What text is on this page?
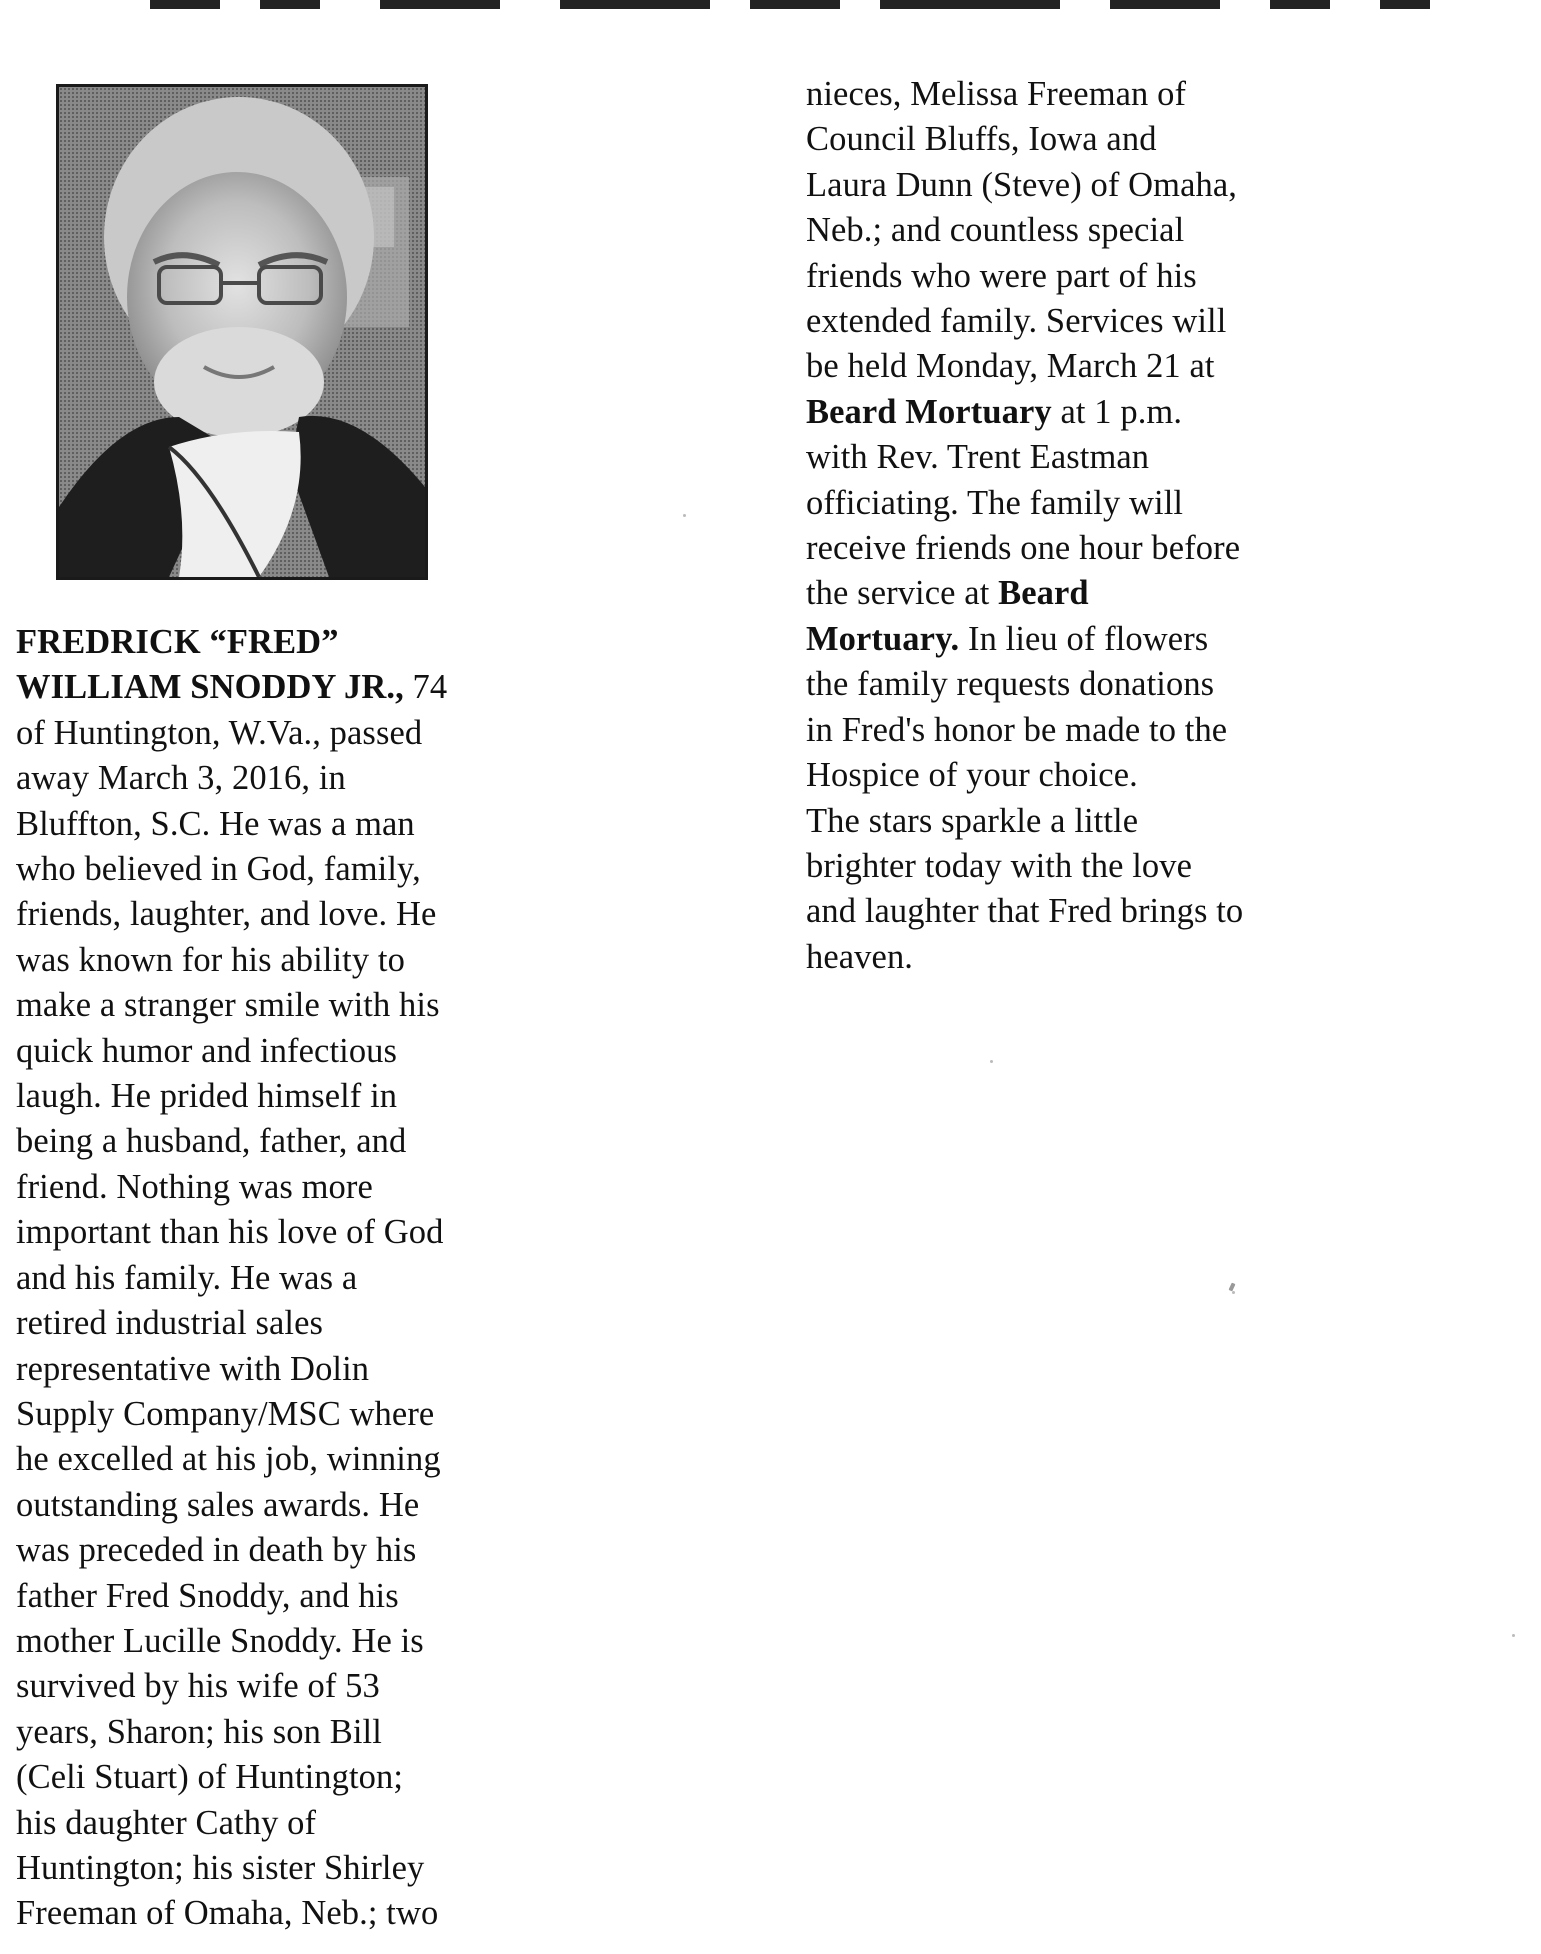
FREDRICK “FRED”
WILLIAM SNODDY JR., 74
of Huntington, W.Va., passed
away March 3, 2016, in
Bluffton, S.C. He was a man
who believed in God, family,
friends, laughter, and love. He
was known for his ability to
make a stranger smile with his
quick humor and infectious
laugh. He prided himself in
being a husband, father, and
friend. Nothing was more
important than his love of God
and his family. He was a
retired industrial sales
representative with Dolin
Supply Company/MSC where
he excelled at his job, winning
outstanding sales awards. He
was preceded in death by his
father Fred Snoddy, and his
mother Lucille Snoddy. He is
survived by his wife of 53
years, Sharon; his son Bill
(Celi Stuart) of Huntington;
his daughter Cathy of
Huntington; his sister Shirley
Freeman of Omaha, Neb.; two
nieces, Melissa Freeman of
Council Bluffs, Iowa and
Laura Dunn (Steve) of Omaha,
Neb.; and countless special
friends who were part of his
extended family. Services will
be held Monday, March 21 at
Beard Mortuary at 1 p.m.
with Rev. Trent Eastman
officiating. The family will
receive friends one hour before
the service at Beard
Mortuary. In lieu of flowers
the family requests donations
in Fred's honor be made to the
Hospice of your choice.
The stars sparkle a little
brighter today with the love
and laughter that Fred brings to
heaven.
